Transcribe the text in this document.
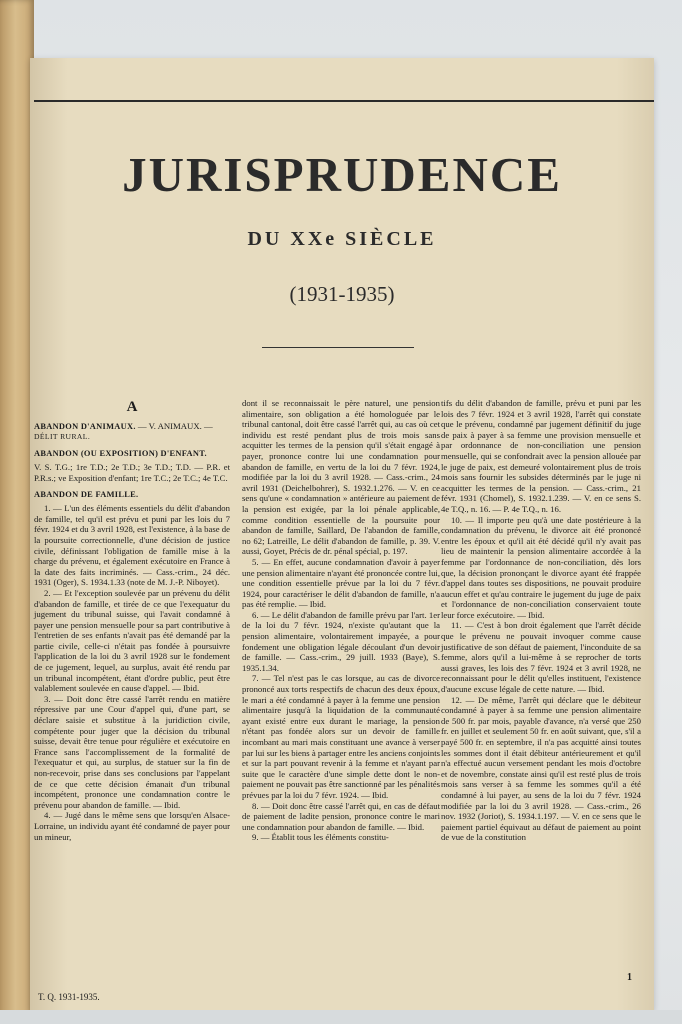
JURISPRUDENCE
DU XXe SIÈCLE
(1931-1935)
A

ABANDON D'ANIMAUX. — V. ANIMAUX. —

DÉLIT RURAL.

ABANDON (OU EXPOSITION) D'ENFANT.

V. S. T.G.; 1re T.D.; 2e T.D.; 3e T.D.; T.D. — P.R. et P.R.s.; ve Exposition d'enfant; 1re T.C.; 2e T.C.; 4e T.C.

ABANDON DE FAMILLE.

1. — L'un des éléments essentiels du délit d'abandon de famille, tel qu'il est prévu et puni par les lois du 7 févr. 1924 et du 3 avril 1928, est l'existence, à la base de la poursuite correctionnelle, d'une décision de justice civile, définissant l'obligation de famille mise à la charge du prévenu, et également exécutoire en France à la date des faits incriminés. — Cass.-crim., 24 déc. 1931 (Oger), S. 1934.1.33 (note de M. J.-P. Niboyet).

2. — Et l'exception soulevée par un prévenu du délit d'abandon de famille, et tirée de ce que l'exequatur du jugement du tribunal suisse, qui l'avait condamné à payer une pension mensuelle pour sa part contributive à l'entretien de ses enfants n'avait pas été demandé par la partie civile, celle-ci n'était pas fondée à poursuivre l'application de la loi du 3 avril 1928 sur le fondement de ce jugement, lequel, au surplus, avait été rendu par un tribunal incompétent, étant d'ordre public, peut être valablement soulevée en cause d'appel. — Ibid.

3. — Doit donc être cassé l'arrêt rendu en matière répressive par une Cour d'appel qui, d'une part, se déclare saisie et substitue à la juridiction civile, compétente pour juger que la décision du tribunal suisse, devait être tenue pour régulière et exécutoire en France sans l'accomplissement de la formalité de l'exequatur et qui, au surplus, de statuer sur la fin de non-recevoir, prise dans ses conclusions par l'appelant de ce que cette décision émanait d'un tribunal incompétent, prononce une condamnation contre le prévenu pour abandon de famille. — Ibid.

4. — Jugé dans le même sens que lorsqu'en Alsace-Lorraine, un individu ayant été condamné de payer pour un mineur,

dont il se reconnaissait le père naturel, une pension alimentaire, son obligation a été homologuée par le tribunal cantonal, doit être cassé l'arrêt qui, au cas où cet individu est resté pendant plus de trois mois sans acquitter les termes de la pension qu'il s'était engagé à payer, prononce contre lui une condamnation pour abandon de famille, en vertu de la loi du 7 févr. 1924, modifiée par la loi du 3 avril 1928. — Cass.-crim., 24 avril 1931 (Deichelbohrer), S. 1932.1.276. — V. en ce sens qu'une « condamnation » antérieure au paiement de la pension est exigée, par la loi pénale applicable, comme condition essentielle de la poursuite pour abandon de famille, Saillard, De l'abandon de famille, no 62; Latreille, Le délit d'abandon de famille, p. 39. V. aussi, Goyet, Précis de dr. pénal spécial, p. 197.

5. — En effet, aucune condamnation d'avoir à payer une pension alimentaire n'ayant été prononcée contre lui, une condition essentielle prévue par la loi du 7 févr. 1924, pour caractériser le délit d'abandon de famille, n'a pas été remplie. — Ibid.

6. — Le délit d'abandon de famille prévu par l'art. 1er de la loi du 7 févr. 1924, n'existe qu'autant que la pension alimentaire, volontairement impayée, a pour fondement une obligation légale découlant d'un devoir de famille. — Cass.-crim., 29 juill. 1933 (Baye), S. 1935.1.34.

7. — Tel n'est pas le cas lorsque, au cas de divorce prononcé aux torts respectifs de chacun des deux époux, le mari a été condamné à payer à la femme une pension alimentaire jusqu'à la liquidation de la communauté ayant existé entre eux durant le mariage, la pension n'étant pas fondée alors sur un devoir de famille incombant au mari mais constituant une avance à verser par lui sur les biens à partager entre les anciens conjoints et sur la part pouvant revenir à la femme et n'ayant par suite que le caractère d'une simple dette dont le non-paiement ne pouvait pas être sanctionné par les pénalités prévues par la loi du 7 févr. 1924. — Ibid.

8. — Doit donc être cassé l'arrêt qui, en cas de défaut de paiement de ladite pension, prononce contre le mari une condamnation pour abandon de famille. — Ibid.

9. — Établit tous les éléments constitu-

tifs du délit d'abandon de famille, prévu et puni par les lois des 7 févr. 1924 et 3 avril 1928, l'arrêt qui constate que le prévenu, condamné par jugement définitif du juge de paix à payer à sa femme une provision mensuelle et par ordonnance de non-conciliation une pension mensuelle, qui se confondrait avec la pension allouée par le juge de paix, est demeuré volontairement plus de trois mois sans fournir les subsides déterminés par le juge ni acquitter les termes de la pension. — Cass.-crim., 21 févr. 1931 (Chomel), S. 1932.1.239. — V. en ce sens S. 4e T.Q., n. 16. — P. 4e T.Q., n. 16.

10. — Il importe peu qu'à une date postérieure à la condamnation du prévenu, le divorce ait été prononcé entre les époux et qu'il ait été décidé qu'il n'y avait pas lieu de maintenir la pension alimentaire accordée à la femme par l'ordonnance de non-conciliation, dès lors que, la décision prononçant le divorce ayant été frappée d'appel dans toutes ses dispositions, ne pouvait produire aucun effet et qu'au contraire le jugement du juge de paix et l'ordonnance de non-conciliation conservaient toute leur force exécutoire. — Ibid.

11. — C'est à bon droit également que l'arrêt décide que le prévenu ne pouvait invoquer comme cause justificative de son défaut de paiement, l'inconduite de sa femme, alors qu'il a lui-même à se reprocher de torts aussi graves, les lois des 7 févr. 1924 et 3 avril 1928, ne reconnaissant pour le délit qu'elles instituent, l'existence d'aucune excuse légale de cette nature. — Ibid.

12. — De même, l'arrêt qui déclare que le débiteur condamné à payer à sa femme une pension alimentaire de 500 fr. par mois, payable d'avance, n'a versé que 250 fr. en juillet et seulement 50 fr. en août suivant, que, s'il a payé 500 fr. en septembre, il n'a pas acquitté ainsi toutes les sommes dont il était débiteur antérieurement et qu'il n'a effectué aucun versement pendant les mois d'octobre et de novembre, constate ainsi qu'il est resté plus de trois mois sans verser à sa femme les sommes qu'il a été condamné à lui payer, au sens de la loi du 7 févr. 1924 modifiée par la loi du 3 avril 1928. — Cass.-crim., 26 nov. 1932 (Joriot), S. 1934.1.197. — V. en ce sens que le paiement partiel équivaut au défaut de paiement au point de vue de la constitution

T. Q. 1931-1935.
1
